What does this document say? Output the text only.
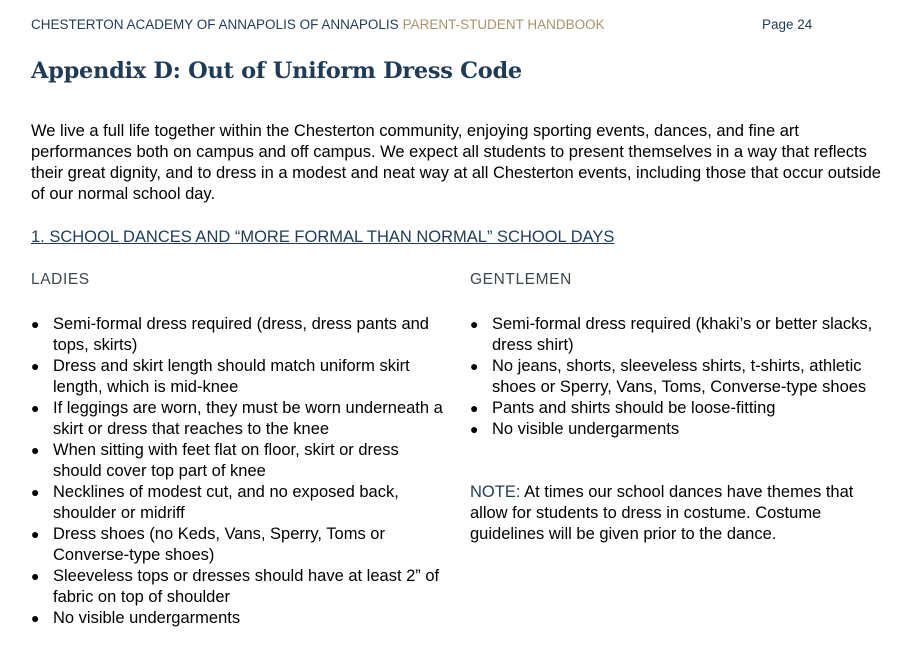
CHESTERTON ACADEMY OF ANNAPOLIS OF ANNAPOLIS PARENT-STUDENT HANDBOOK	Page 24
Appendix D: Out of Uniform Dress Code

We live a full life together within the Chesterton community, enjoying sporting events, dances, and fine art performances both on campus and off campus. We expect all students to present themselves in a way that reflects their great dignity, and to dress in a modest and neat way at all Chesterton events, including those that occur outside of our normal school day.

1. SCHOOL DANCES AND “MORE FORMAL THAN NORMAL” SCHOOL DAYS
LADIES	GENTLEMEN
● Semi-formal dress required (dress, dress pants and tops, skirts)
● Dress and skirt length should match uniform skirt length, which is mid-knee
● If leggings are worn, they must be worn underneath a skirt or dress that reaches to the knee
● When sitting with feet flat on floor, skirt or dress should cover top part of knee
● Necklines of modest cut, and no exposed back, shoulder or midriff
● Dress shoes (no Keds, Vans, Sperry, Toms or Converse-type shoes)
● Sleeveless tops or dresses should have at least 2” of fabric on top of shoulder
● No visible undergarments
● Semi-formal dress required (khaki’s or better slacks, dress shirt)
● No jeans, shorts, sleeveless shirts, t-shirts, athletic shoes or Sperry, Vans, Toms, Converse-type shoes
● Pants and shirts should be loose-fitting
● No visible undergarments

NOTE: At times our school dances have themes that allow for students to dress in costume. Costume guidelines will be given prior to the dance.
